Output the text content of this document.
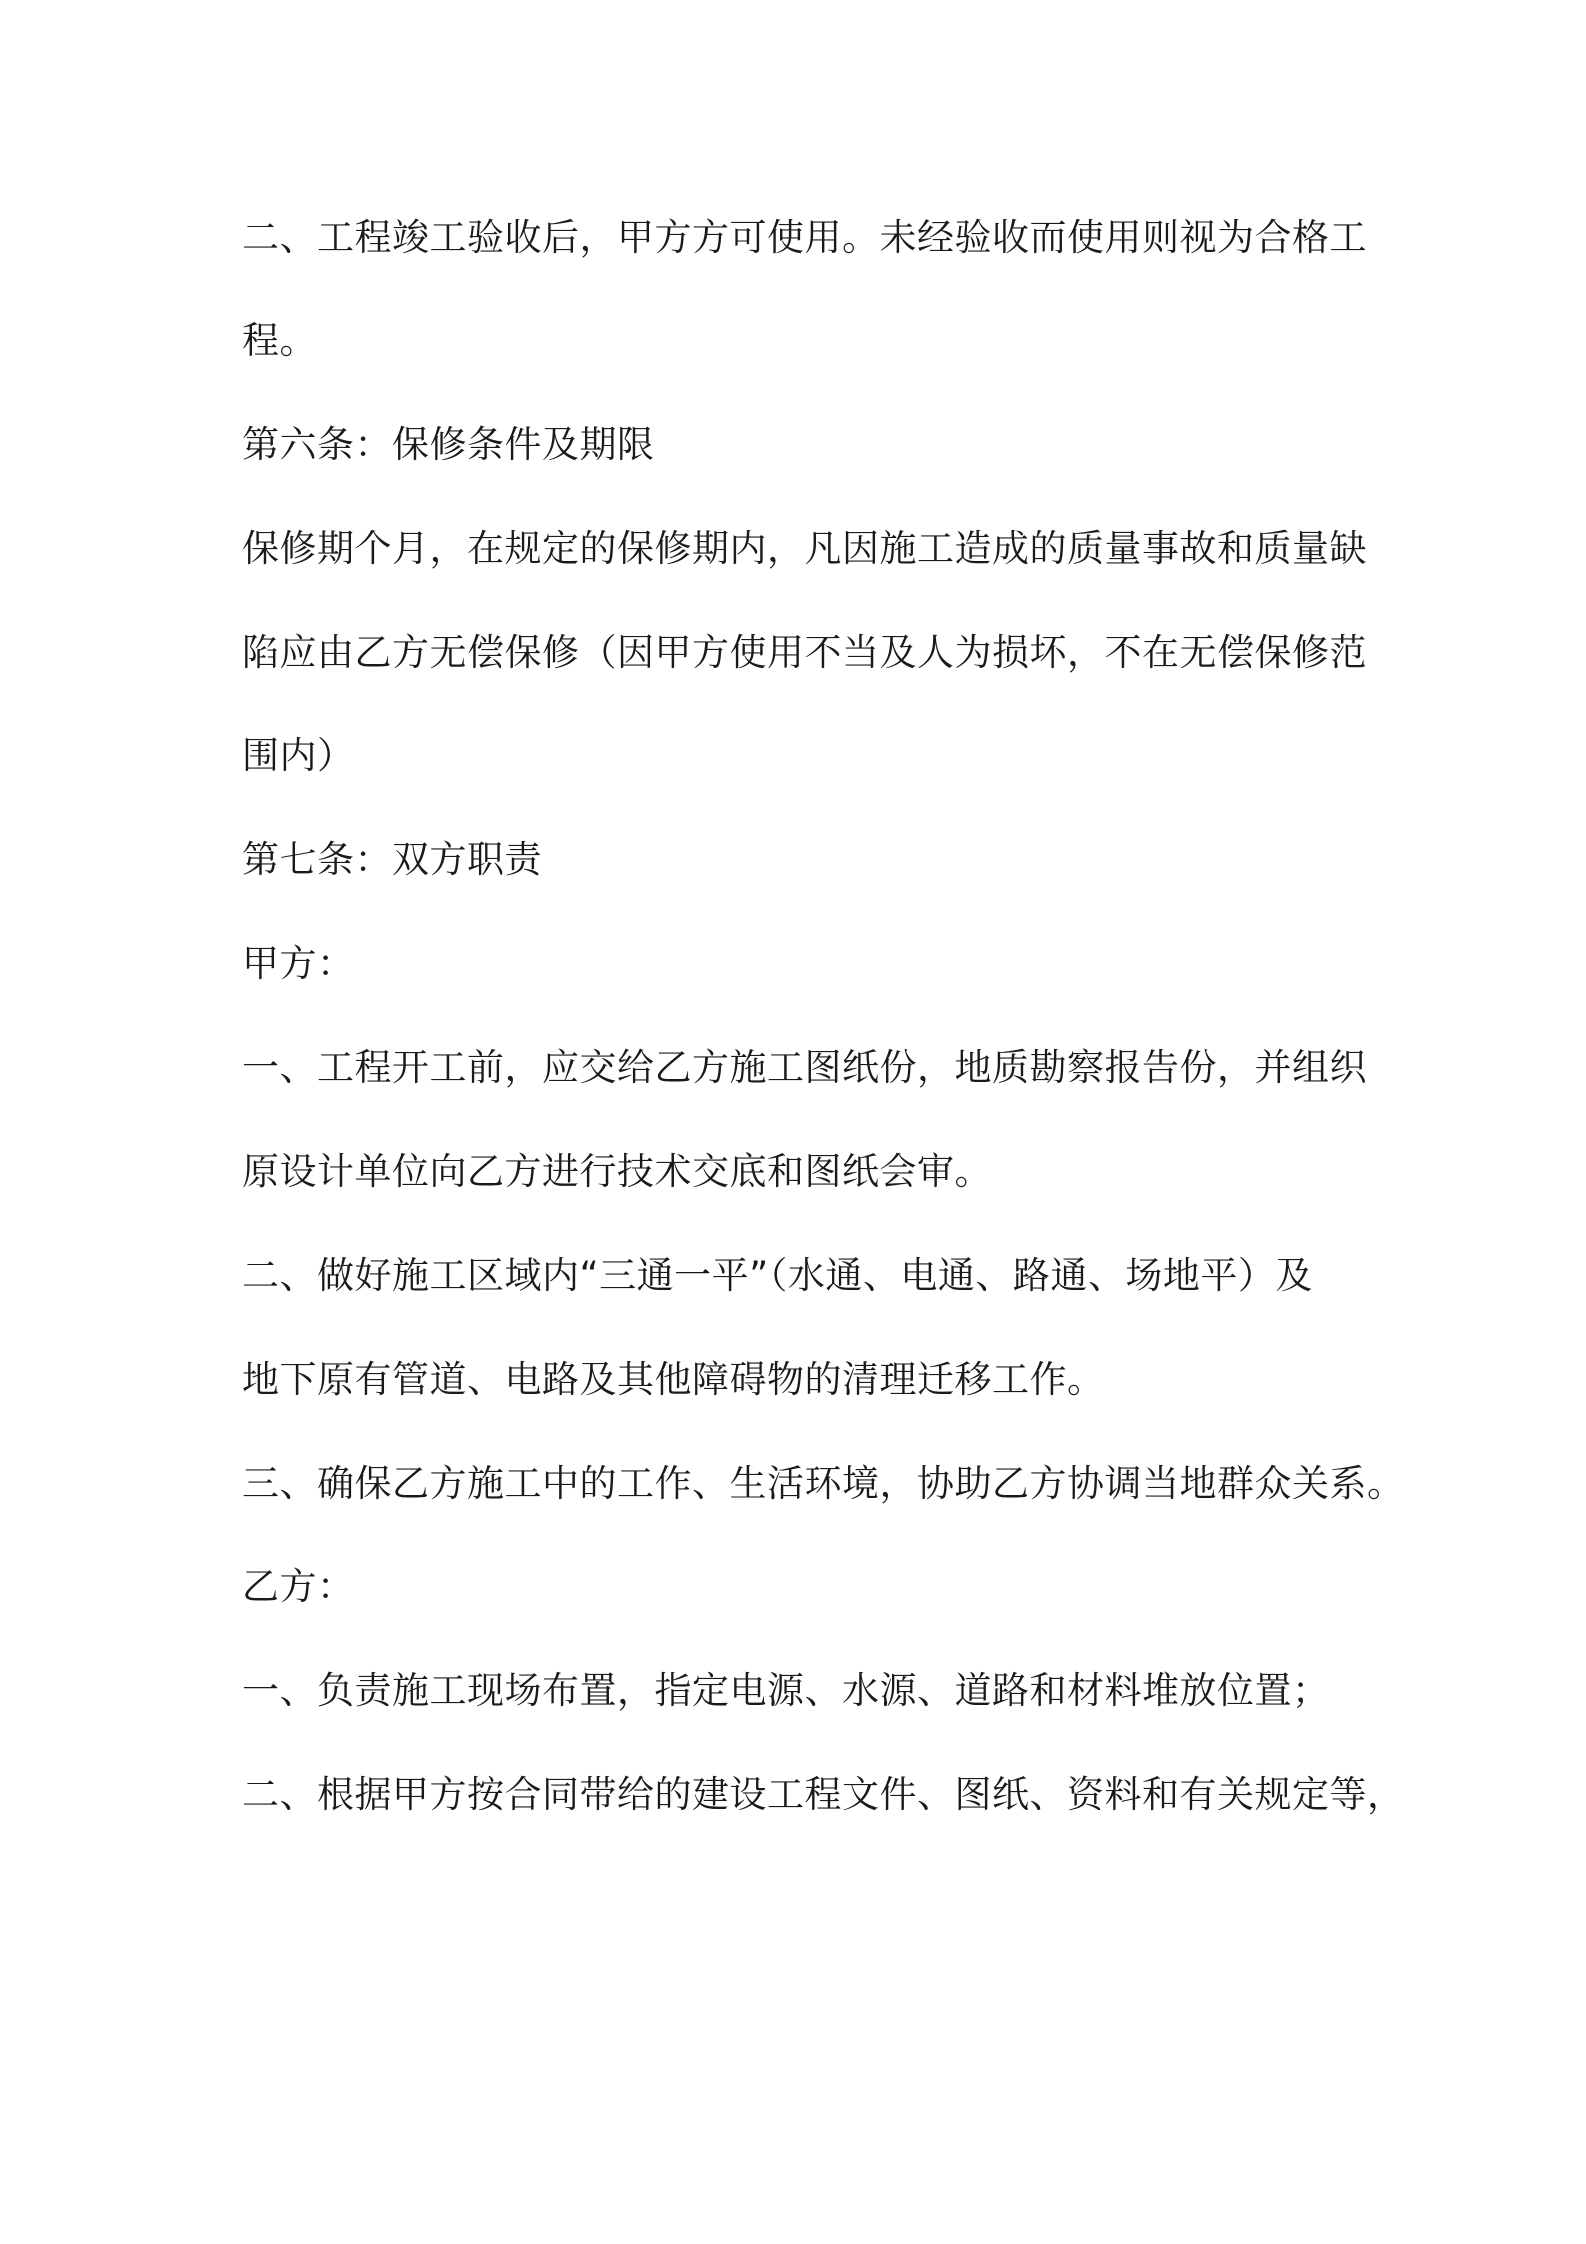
二、工程竣工验收后，甲方方可使用。未经验收而使用则视为合格工
程。
第六条：保修条件及期限
保修期个月，在规定的保修期内，凡因施工造成的质量事故和质量缺
陷应由乙方无偿保修（因甲方使用不当及人为损坏，不在无偿保修范
围内）
第七条：双方职责
甲方：
一、工程开工前，应交给乙方施工图纸份，地质勘察报告份，并组织
原设计单位向乙方进行技术交底和图纸会审。
二、做好施工区域内“三通一平”（水通、电通、路通、场地平）及
地下原有管道、电路及其他障碍物的清理迁移工作。
三、确保乙方施工中的工作、生活环境，协助乙方协调当地群众关系。
乙方：
一、负责施工现场布置，指定电源、水源、道路和材料堆放位置；
二、根据甲方按合同带给的建设工程文件、图纸、资料和有关规定等，
